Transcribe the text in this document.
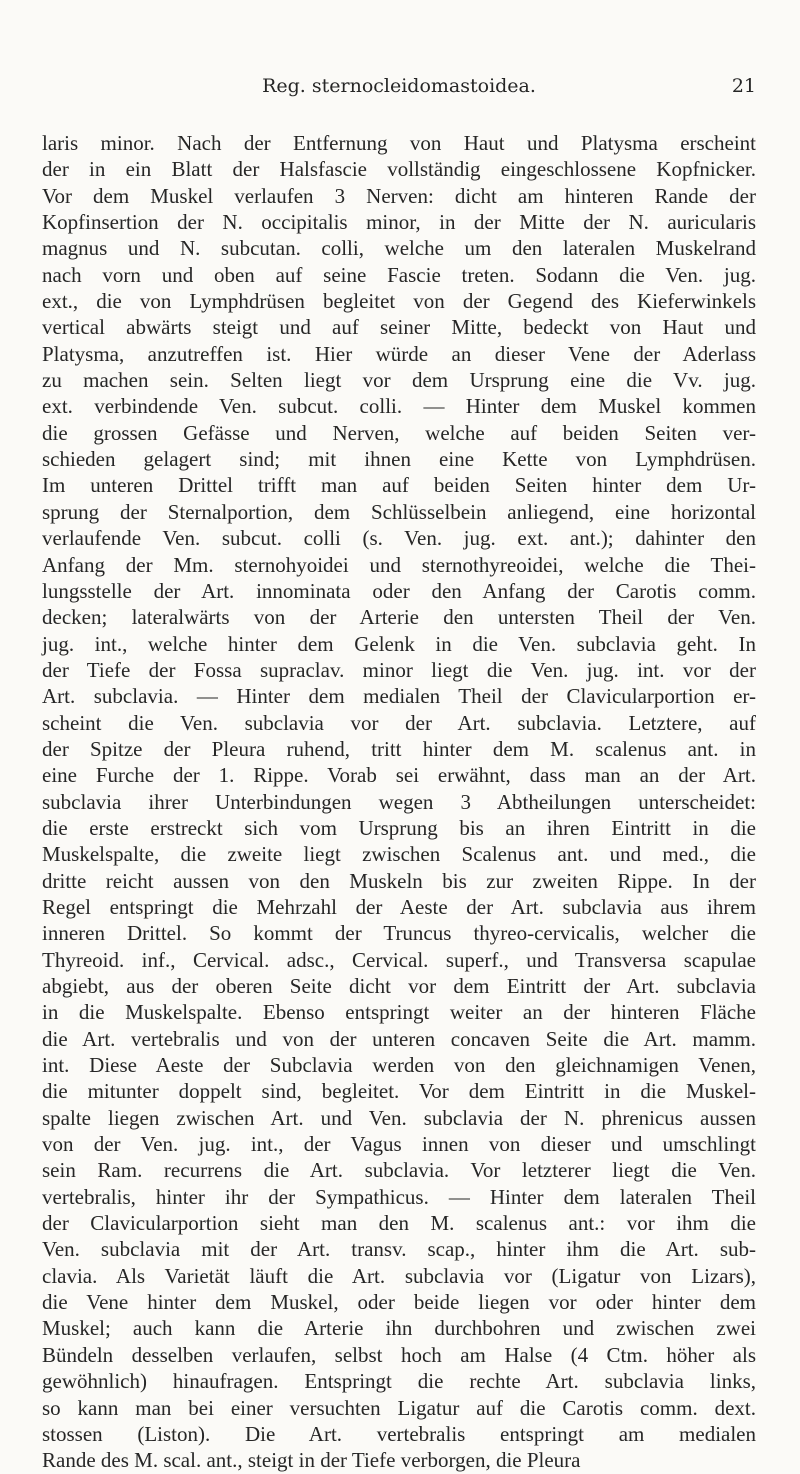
Reg. sternocleidomastoidea.	21
laris minor. Nach der Entfernung von Haut und Platysma erscheint
der in ein Blatt der Halsfascie vollständig eingeschlossene Kopfnicker.
Vor dem Muskel verlaufen 3 Nerven: dicht am hinteren Rande der
Kopfinsertion der N. occipitalis minor, in der Mitte der N. auricularis
magnus und N. subcutan. colli, welche um den lateralen Muskelrand
nach vorn und oben auf seine Fascie treten. Sodann die Ven. jug.
ext., die von Lymphdrüsen begleitet von der Gegend des Kieferwinkels
vertical abwärts steigt und auf seiner Mitte, bedeckt von Haut und
Platysma, anzutreffen ist. Hier würde an dieser Vene der Aderlass
zu machen sein. Selten liegt vor dem Ursprung eine die Vv. jug.
ext. verbindende Ven. subcut. colli. — Hinter dem Muskel kommen
die grossen Gefässe und Nerven, welche auf beiden Seiten ver-
schieden gelagert sind; mit ihnen eine Kette von Lymphdrüsen.
Im unteren Drittel trifft man auf beiden Seiten hinter dem Ur-
sprung der Sternalportion, dem Schlüsselbein anliegend, eine horizontal
verlaufende Ven. subcut. colli (s. Ven. jug. ext. ant.); dahinter den
Anfang der Mm. sternohyoidei und sternothyreoidei, welche die Thei-
lungsstelle der Art. innominata oder den Anfang der Carotis comm.
decken; lateralwärts von der Arterie den untersten Theil der Ven.
jug. int., welche hinter dem Gelenk in die Ven. subclavia geht. In
der Tiefe der Fossa supraclav. minor liegt die Ven. jug. int. vor der
Art. subclavia. — Hinter dem medialen Theil der Clavicularportion er-
scheint die Ven. subclavia vor der Art. subclavia. Letztere, auf
der Spitze der Pleura ruhend, tritt hinter dem M. scalenus ant. in
eine Furche der 1. Rippe. Vorab sei erwähnt, dass man an der Art.
subclavia ihrer Unterbindungen wegen 3 Abtheilungen unterscheidet:
die erste erstreckt sich vom Ursprung bis an ihren Eintritt in die
Muskelspalte, die zweite liegt zwischen Scalenus ant. und med., die
dritte reicht aussen von den Muskeln bis zur zweiten Rippe. In der
Regel entspringt die Mehrzahl der Aeste der Art. subclavia aus ihrem
inneren Drittel. So kommt der Truncus thyreo-cervicalis, welcher die
Thyreoid. inf., Cervical. adsc., Cervical. superf., und Transversa scapulae
abgiebt, aus der oberen Seite dicht vor dem Eintritt der Art. subclavia
in die Muskelspalte. Ebenso entspringt weiter an der hinteren Fläche
die Art. vertebralis und von der unteren concaven Seite die Art. mamm.
int. Diese Aeste der Subclavia werden von den gleichnamigen Venen,
die mitunter doppelt sind, begleitet. Vor dem Eintritt in die Muskel-
spalte liegen zwischen Art. und Ven. subclavia der N. phrenicus aussen
von der Ven. jug. int., der Vagus innen von dieser und umschlingt
sein Ram. recurrens die Art. subclavia. Vor letzterer liegt die Ven.
vertebralis, hinter ihr der Sympathicus. — Hinter dem lateralen Theil
der Clavicularportion sieht man den M. scalenus ant.: vor ihm die
Ven. subclavia mit der Art. transv. scap., hinter ihm die Art. sub-
clavia. Als Varietät läuft die Art. subclavia vor (Ligatur von Lizars),
die Vene hinter dem Muskel, oder beide liegen vor oder hinter dem
Muskel; auch kann die Arterie ihn durchbohren und zwischen zwei
Bündeln desselben verlaufen, selbst hoch am Halse (4 Ctm. höher als
gewöhnlich) hinaufragen. Entspringt die rechte Art. subclavia links,
so kann man bei einer versuchten Ligatur auf die Carotis comm. dext.
stossen (Liston). Die Art. vertebralis entspringt am medialen
Rande des M. scal. ant., steigt in der Tiefe verborgen, die Pleura
